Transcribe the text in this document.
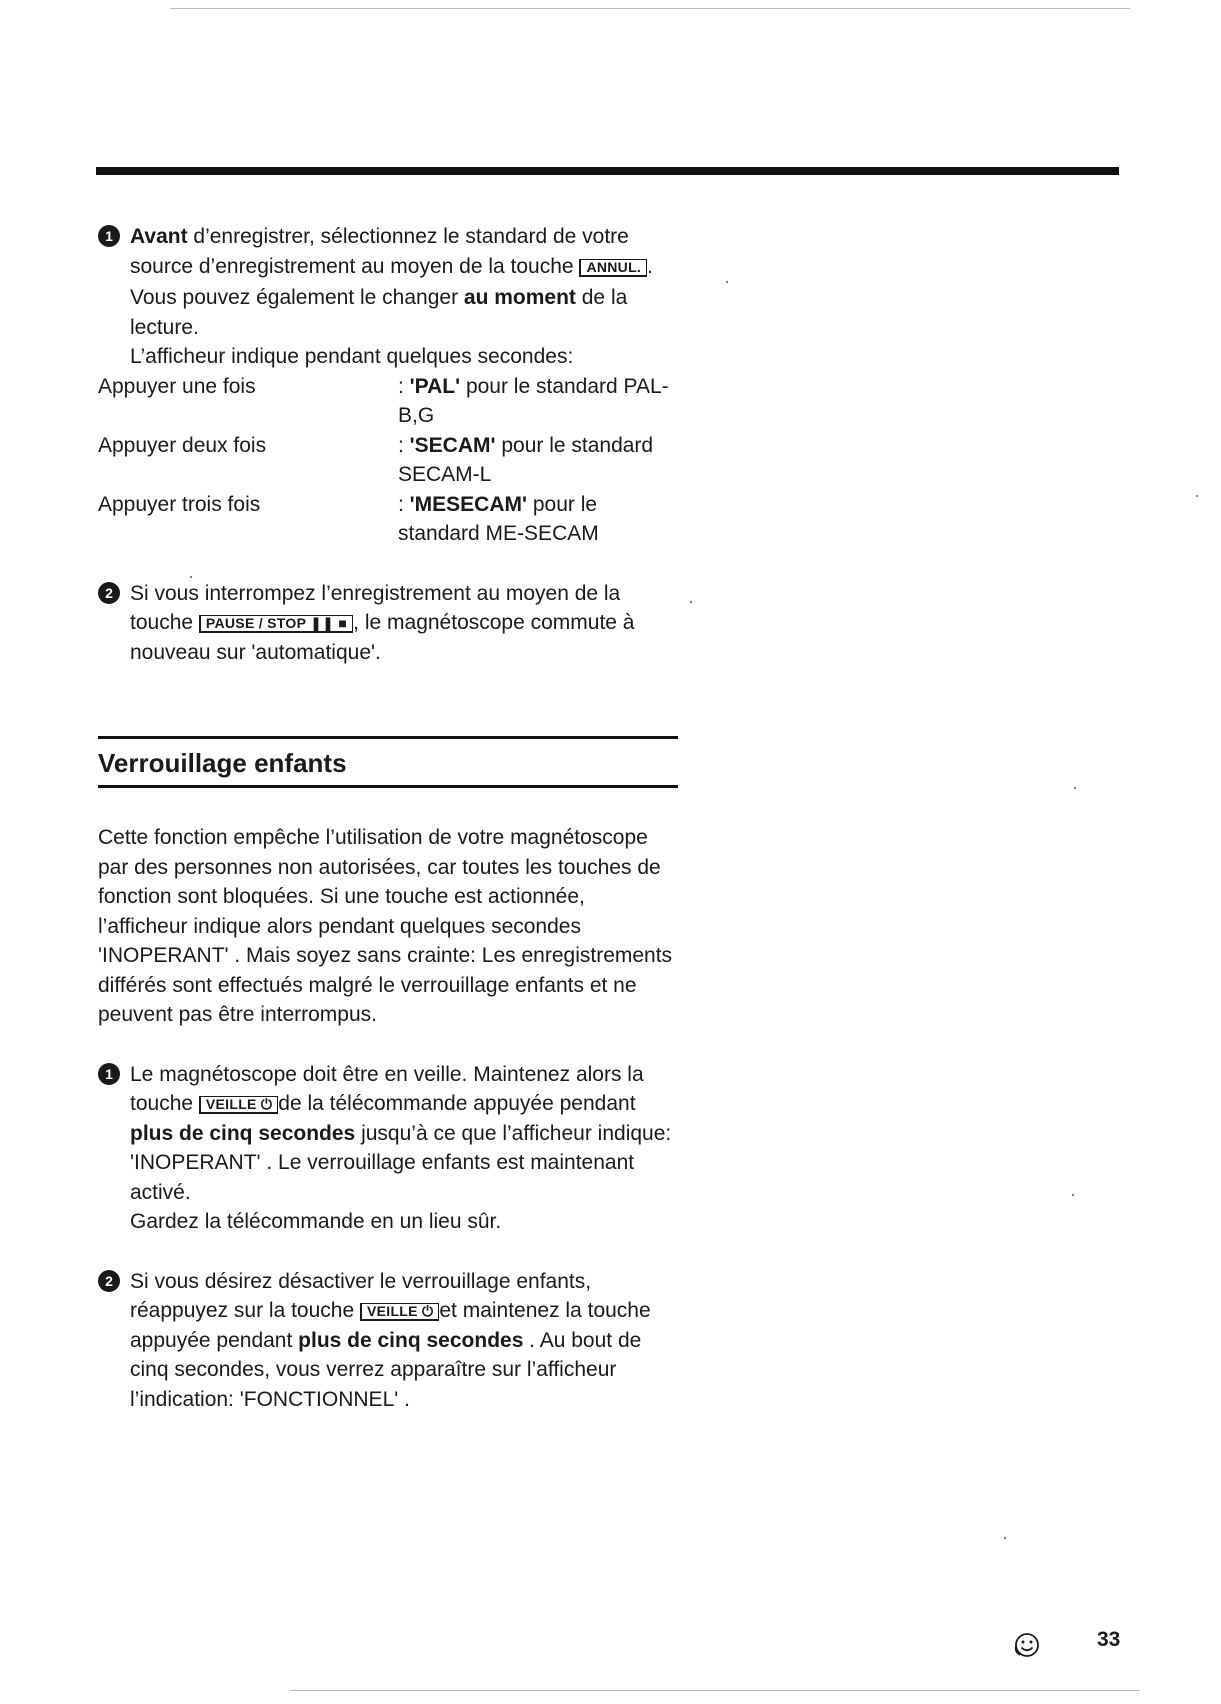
1 Avant d’enregistrer, sélectionnez le standard de votre source d’enregistrement au moyen de la touche ANNUL. .
Vous pouvez également le changer au moment de la lecture.
L’afficheur indique pendant quelques secondes:
Appuyer une fois	: 'PAL' pour le standard PAL-B,G
Appuyer deux fois	: 'SECAM' pour le standard SECAM-L
Appuyer trois fois	: 'MESECAM' pour le standard ME-SECAM
2 Si vous interrompez l’enregistrement au moyen de la touche PAUSE / STOP ❚❚ ■ , le magnétoscope commute à nouveau sur 'automatique'.
Verrouillage enfants
Cette fonction empêche l’utilisation de votre magnétoscope par des personnes non autorisées, car toutes les touches de fonction sont bloquées. Si une touche est actionnée, l’afficheur indique alors pendant quelques secondes 'INOPERANT' . Mais soyez sans crainte: Les enregistrements différés sont effectués malgré le verrouillage enfants et ne peuvent pas être interrompus.
1 Le magnétoscope doit être en veille. Maintenez alors la touche VEILLE ⏻ de la télécommande appuyée pendant plus de cinq secondes jusqu’à ce que l’afficheur indique: 'INOPERANT' . Le verrouillage enfants est maintenant activé.
Gardez la télécommande en un lieu sûr.
2 Si vous désirez désactiver le verrouillage enfants, réappuyez sur la touche VEILLE ⏻ et maintenez la touche appuyée pendant plus de cinq secondes . Au bout de cinq secondes, vous verrez apparaître sur l’afficheur l’indication: 'FONCTIONNEL' .
33
